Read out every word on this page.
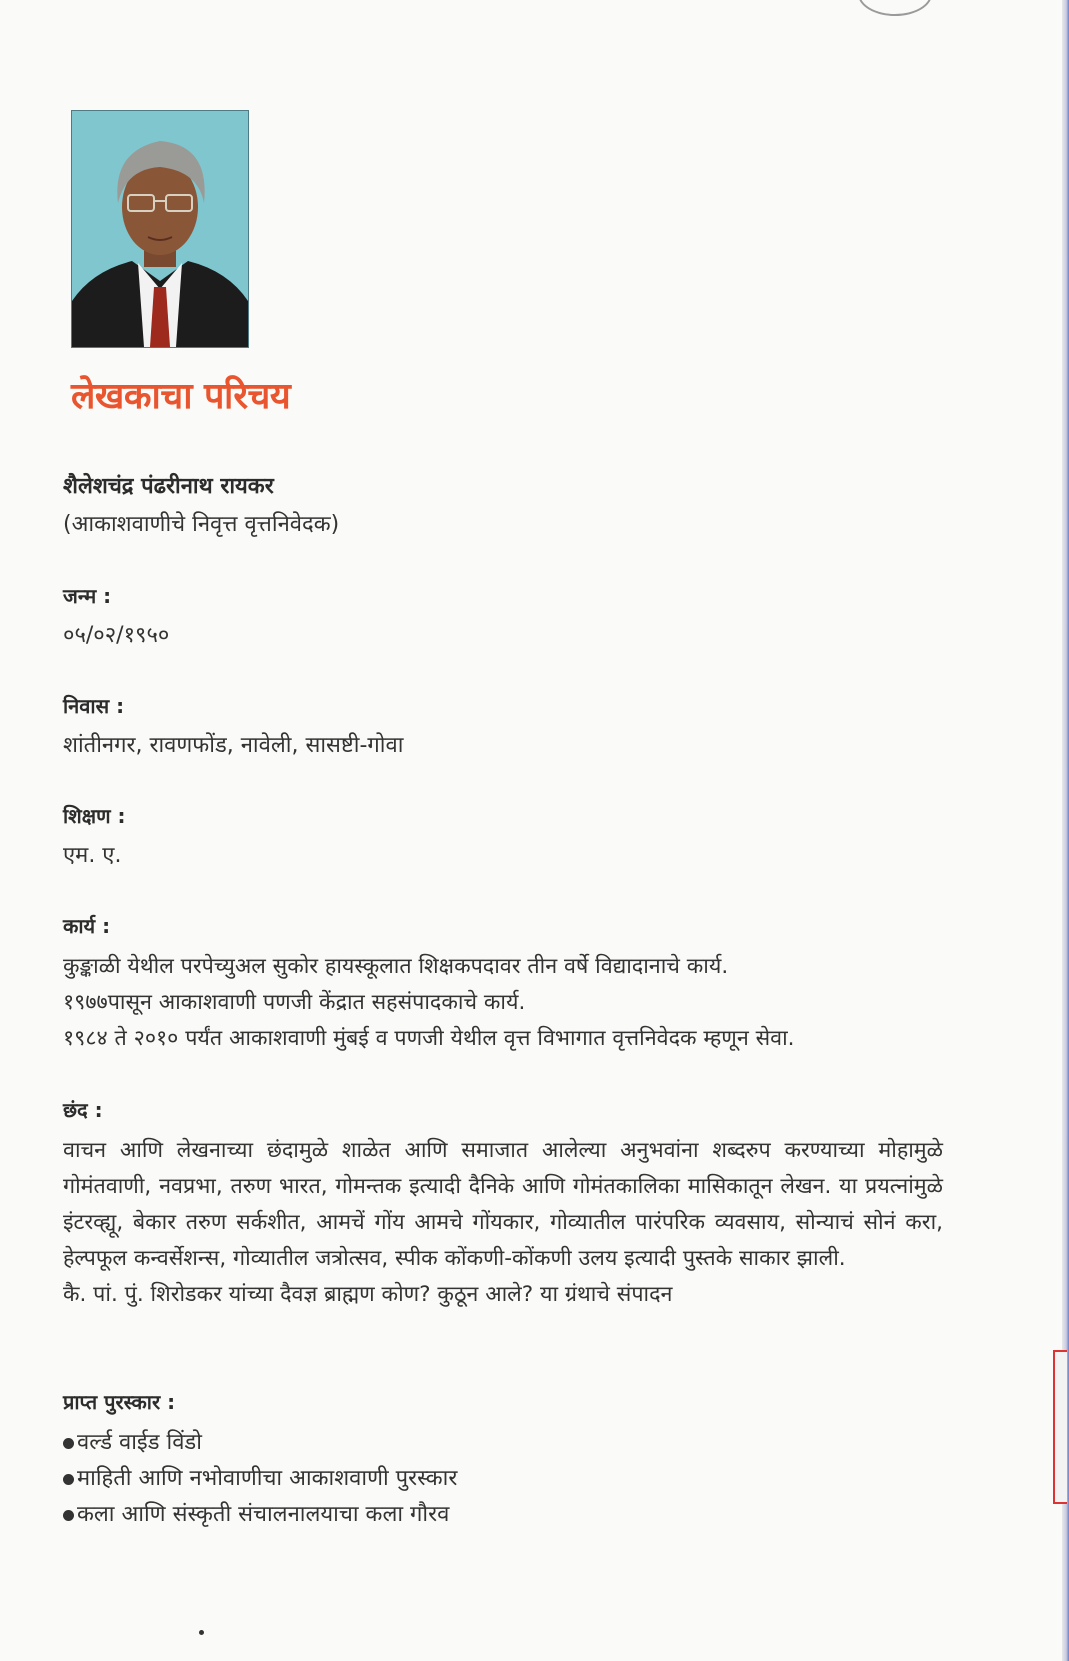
लेखकाचा परिचय

शैलेशचंद्र पंढरीनाथ रायकर

(आकाशवाणीचे निवृत्त वृत्तनिवेदक)

जन्म :

०५/०२/१९५०

निवास :

शांतीनगर, रावणफोंड, नावेली, सासष्टी-गोवा

शिक्षण :

एम. ए.

कार्य :

कुङ्काळी येथील परपेच्युअल सुकोर हायस्कूलात शिक्षकपदावर तीन वर्षे विद्यादानाचे कार्य.

१९७७पासून आकाशवाणी पणजी केंद्रात सहसंपादकाचे कार्य.

१९८४ ते २०१० पर्यंत आकाशवाणी मुंबई व पणजी येथील वृत्त विभागात वृत्तनिवेदक म्हणून सेवा.

छंद :

वाचन आणि लेखनाच्या छंदामुळे शाळेत आणि समाजात आलेल्या अनुभवांना शब्दरुप करण्याच्या मोहामुळे गोमंतवाणी, नवप्रभा, तरुण भारत, गोमन्तक इत्यादी दैनिके आणि गोमंतकालिका मासिकातून लेखन. या प्रयत्नांमुळे इंटरव्ह्यू, बेकार तरुण सर्कशीत, आमचें गोंय आमचे गोंयकार, गोव्यातील पारंपरिक व्यवसाय, सोन्याचं सोनं करा, हेल्पफूल कन्वर्सेशन्स, गोव्यातील जत्रोत्सव, स्पीक कोंकणी-कोंकणी उलय इत्यादी पुस्तके साकार झाली.

कै. पां. पुं. शिरोडकर यांच्या दैवज्ञ ब्राह्मण कोण? कुठून आले? या ग्रंथाचे संपादन

प्राप्त पुरस्कार :

वर्ल्ड वाईड विंडो

माहिती आणि नभोवाणीचा आकाशवाणी पुरस्कार

कला आणि संस्कृती संचालनालयाचा कला गौरव
